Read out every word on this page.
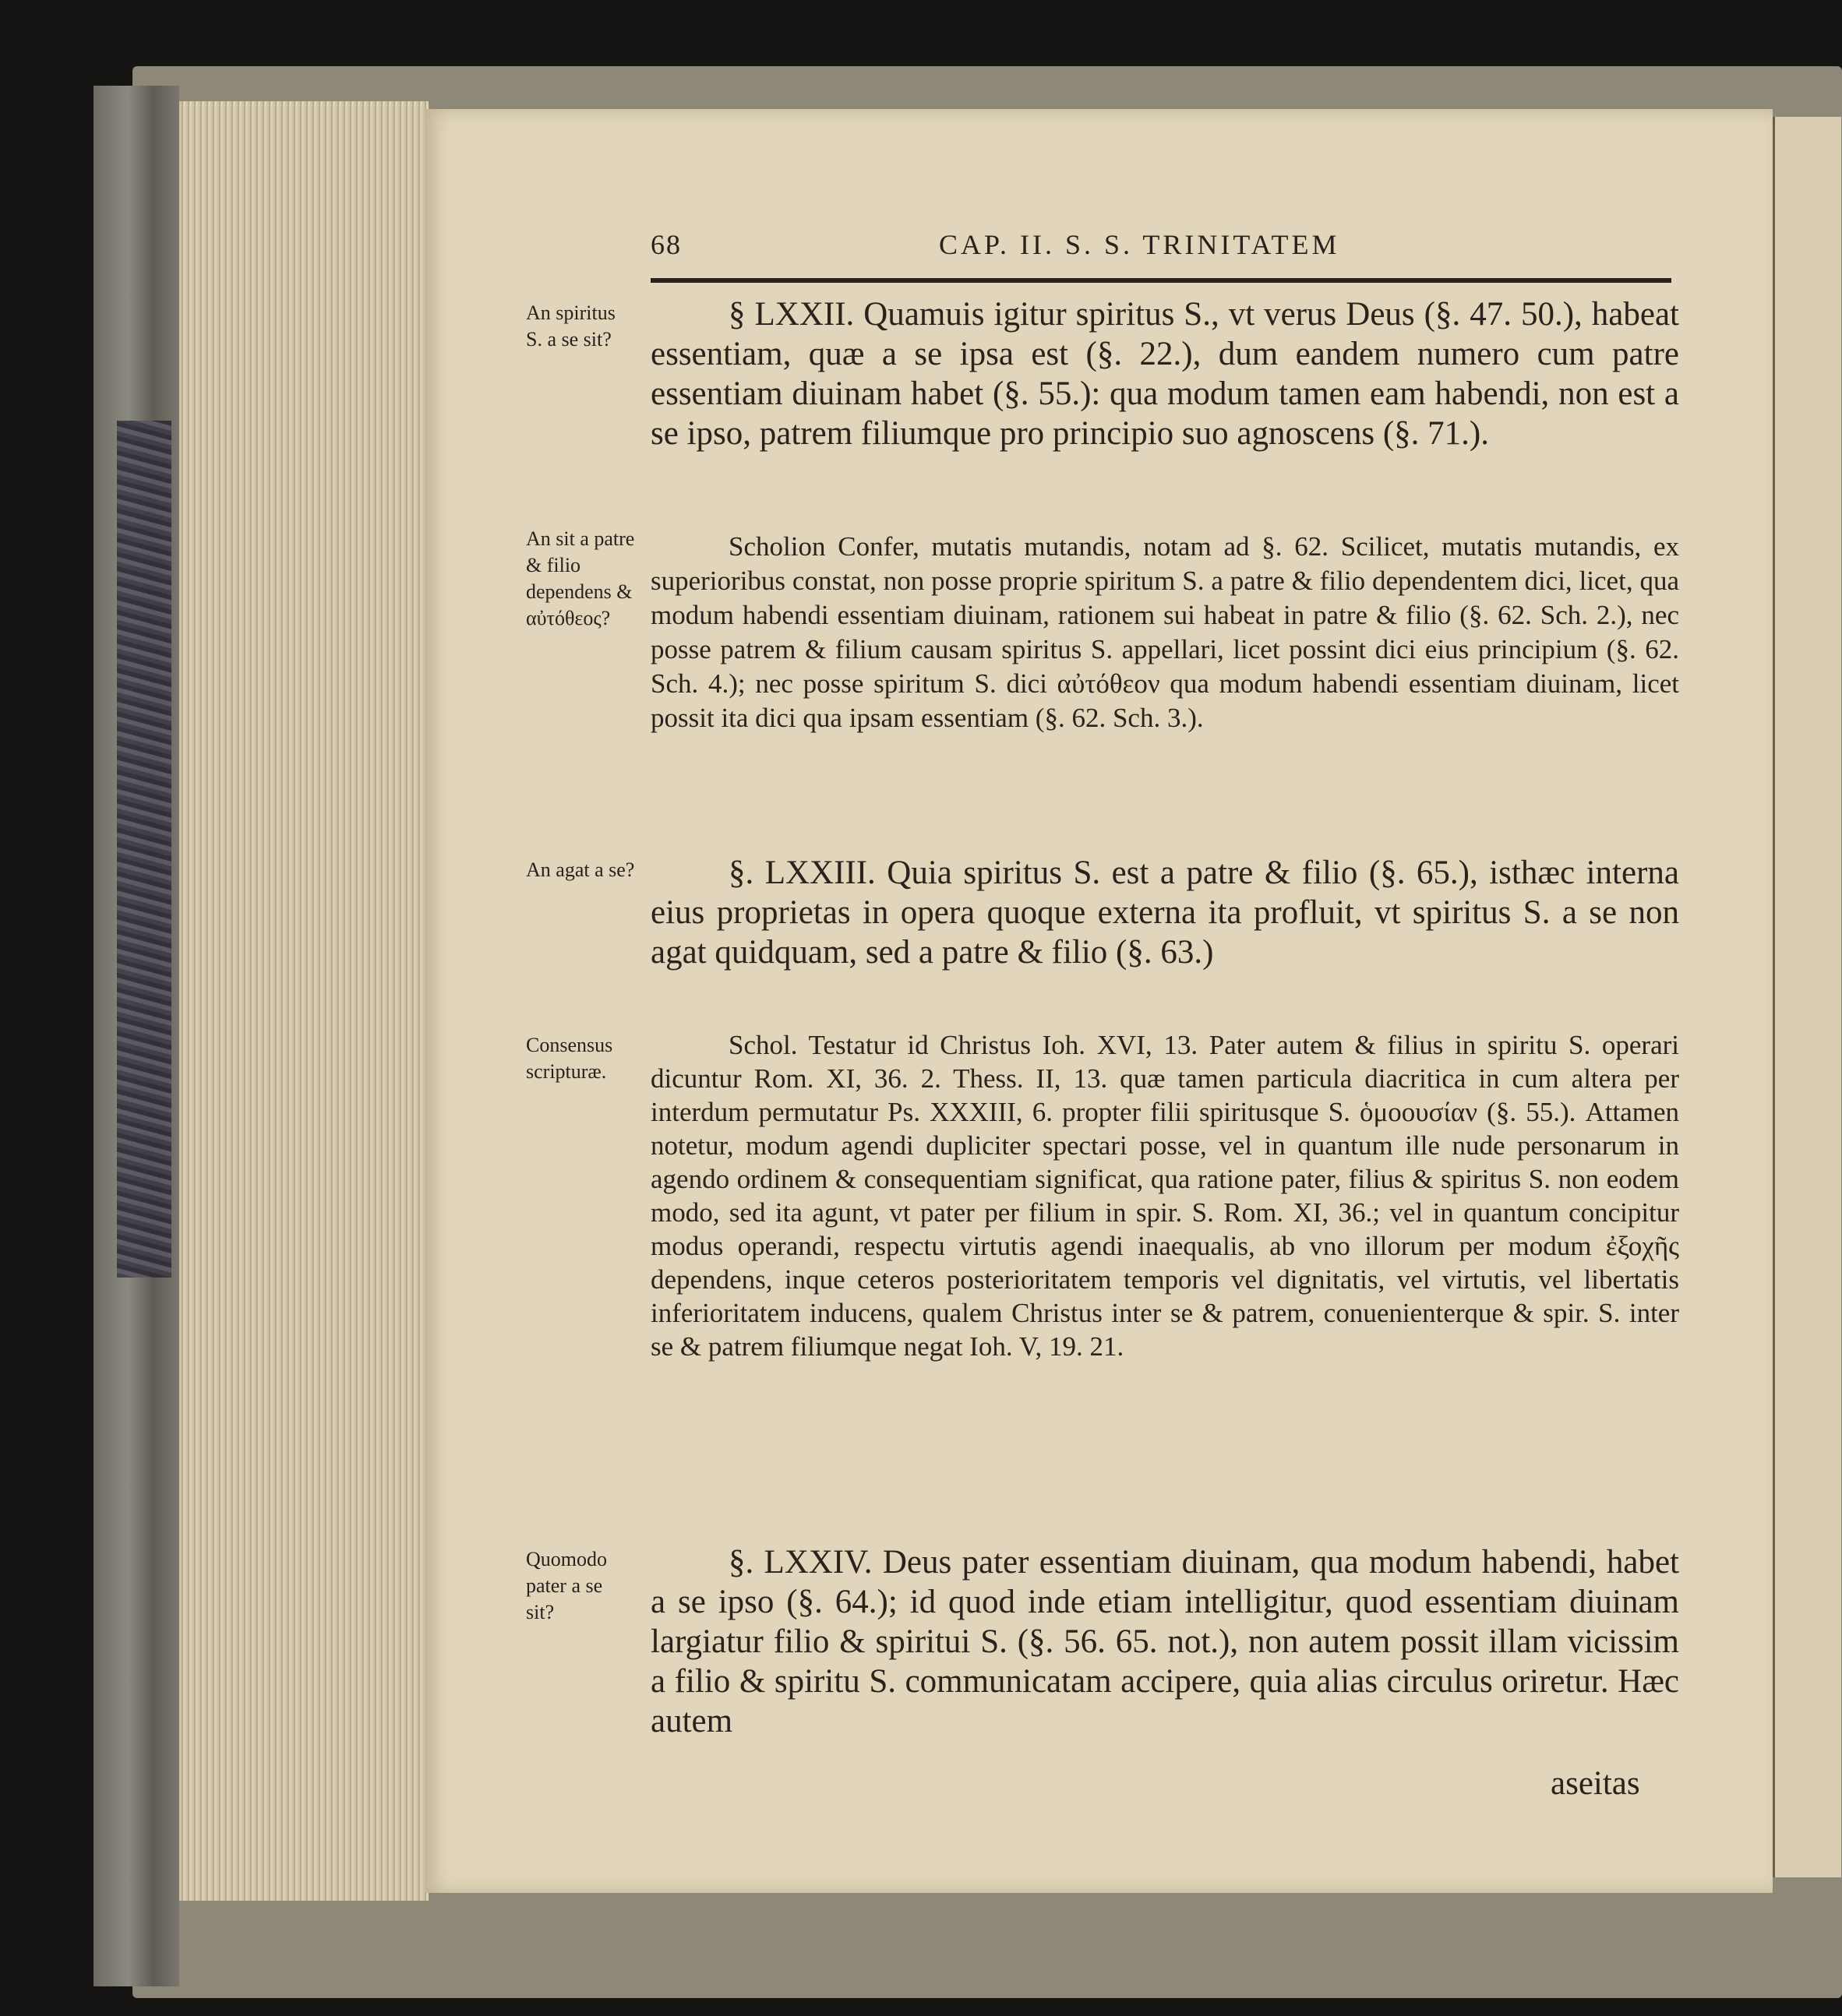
68	CAP. II. S. S. TRINITATEM
An spiritus S. a se sit?
An sit a patre & filio dependens & αὐτόθεος?
An agat a se?
Consensus scripturæ.
Quomodo pater a se sit?

§ LXXII. Quamuis igitur spiritus S., vt verus Deus (§. 47. 50.), habeat essentiam, quæ a se ipsa est (§. 22.), dum eandem numero cum patre essentiam diuinam habet (§. 55.): qua modum tamen eam habendi, non est a se ipso, patrem filiumque pro principio suo agnoscens (§. 71.).

Scholion Confer, mutatis mutandis, notam ad §. 62. Scilicet, mutatis mutandis, ex superioribus constat, non posse proprie spiritum S. a patre & filio dependentem dici, licet, qua modum habendi essentiam diuinam, rationem sui habeat in patre & filio (§. 62. Sch. 2.), nec posse patrem & filium causam spiritus S. appellari, licet possint dici eius principium (§. 62. Sch. 4.); nec posse spiritum S. dici αὐτόθεον qua modum habendi essentiam diuinam, licet possit ita dici qua ipsam essentiam (§. 62. Sch. 3.).

§. LXXIII. Quia spiritus S. est a patre & filio (§. 65.), isthæc interna eius proprietas in opera quoque externa ita profluit, vt spiritus S. a se non agat quidquam, sed a patre & filio (§. 63.)

Schol. Testatur id Christus Ioh. XVI, 13. Pater autem & filius in spiritu S. operari dicuntur Rom. XI, 36. 2. Thess. II, 13. quæ tamen particula diacritica in cum altera per interdum permutatur Ps. XXXIII, 6. propter filii spiritusque S. ὁμοουσίαν (§. 55.). Attamen notetur, modum agendi dupliciter spectari posse, vel in quantum ille nude personarum in agendo ordinem & consequentiam significat, qua ratione pater, filius & spiritus S. non eodem modo, sed ita agunt, vt pater per filium in spir. S. Rom. XI, 36.; vel in quantum concipitur modus operandi, respectu virtutis agendi inaequalis, ab vno illorum per modum ἐξοχῆς dependens, inque ceteros posterioritatem temporis vel dignitatis, vel virtutis, vel libertatis inferioritatem inducens, qualem Christus inter se & patrem, conuenienterque & spir. S. inter se & patrem filiumque negat Ioh. V, 19. 21.

§. LXXIV. Deus pater essentiam diuinam, qua modum habendi, habet a se ipso (§. 64.); id quod inde etiam intelligitur, quod essentiam diuinam largiatur filio & spiritui S. (§. 56. 65. not.), non autem possit illam vicissim a filio & spiritu S. communicatam accipere, quia alias circulus oriretur. Hæc autem

aseitas
